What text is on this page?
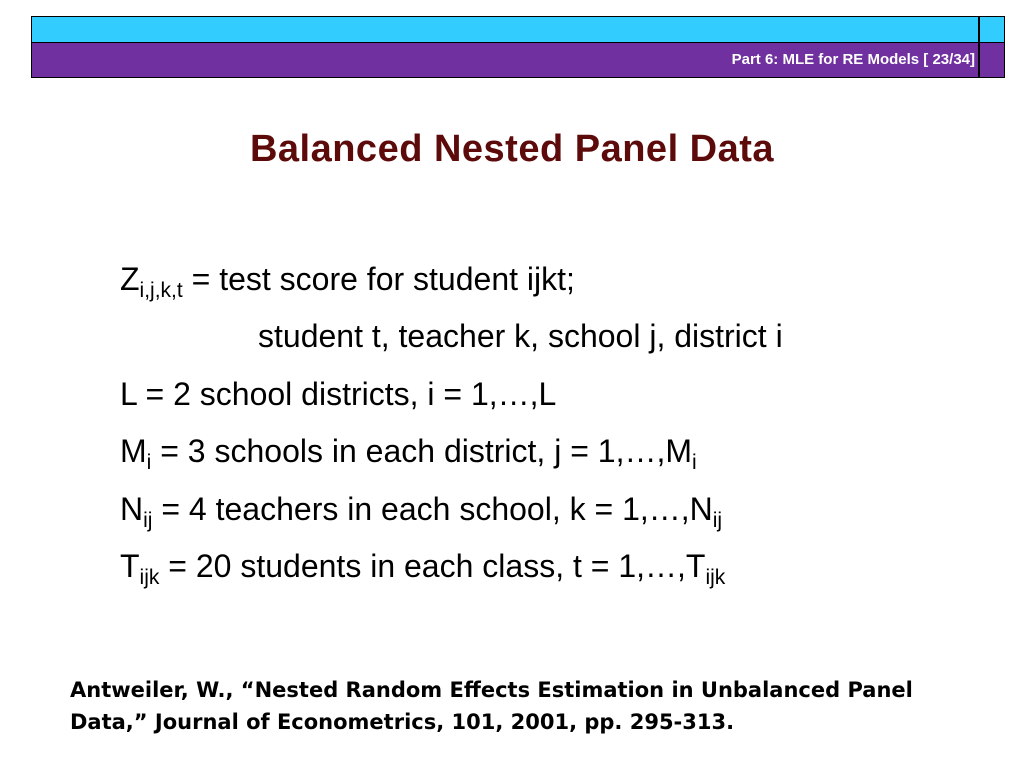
Part 6: MLE for RE Models [ 23/34]
Balanced Nested Panel Data
$Z_{i,j,k,t}$ = test score for student ijkt;
student t, teacher k, school j, district i
L = 2 school districts, i = 1,…,L
$M_i = 3$ schools in each district, $j = 1,\dots,M_i$
$N_{ij} = 4$ teachers in each school, $k = 1,\dots,N_{ij}$
$T_{ijk} = 20$ students in each class, $t = 1,\dots,T_{ijk}$
Antweiler, W., “Nested Random Effects Estimation in Unbalanced Panel Data,” Journal of Econometrics, 101, 2001, pp. 295-313.
